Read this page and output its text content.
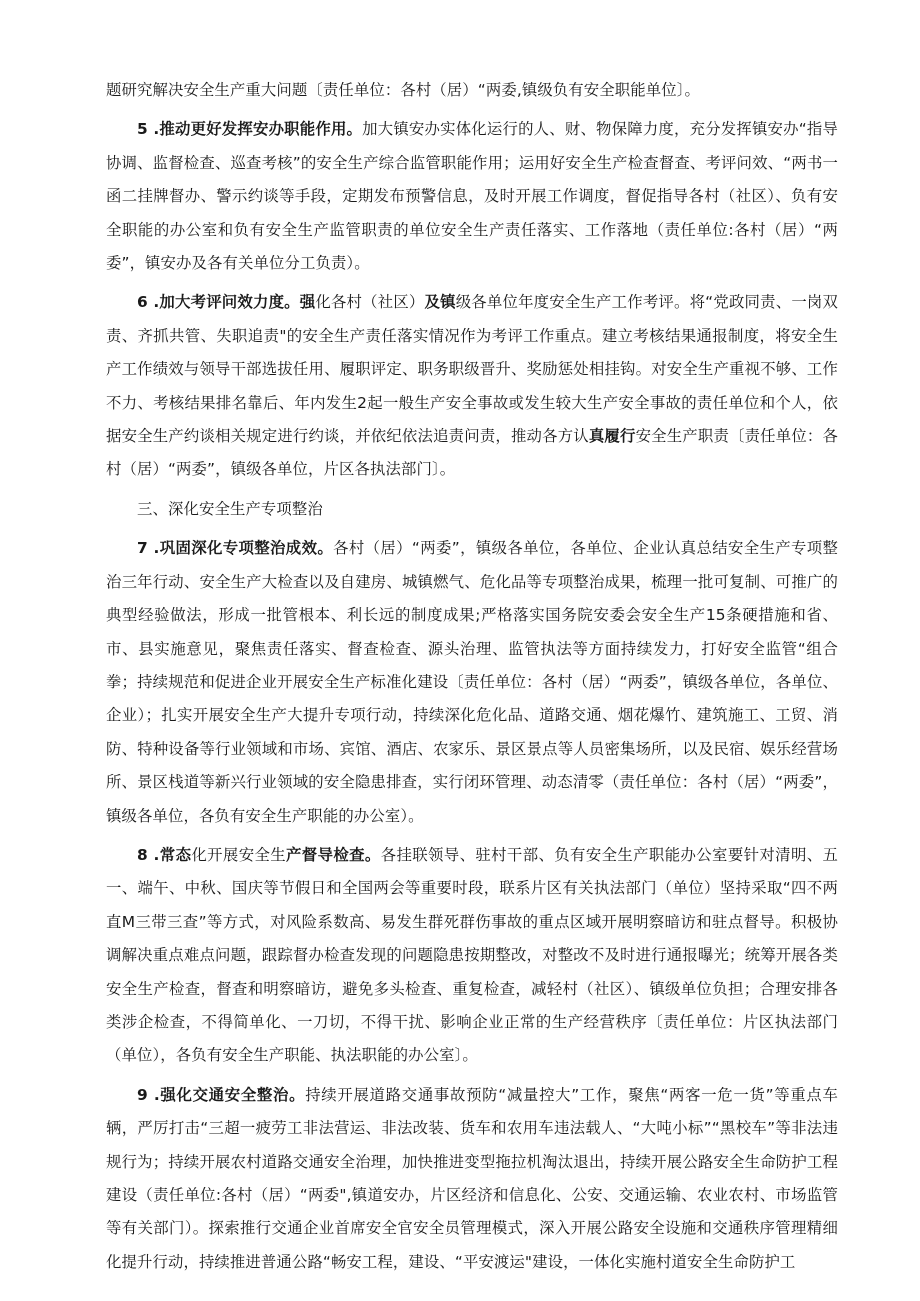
题研究解决安全生产重大问题〔责任单位：各村（居）“两委,镇级负有安全职能单位〕。

5 .推动更好发挥安办职能作用。加大镇安办实体化运行的人、财、物保障力度，充分发挥镇安办“指导协调、监督检查、巡查考核”的安全生产综合监管职能作用；运用好安全生产检查督查、考评问效、“两书一函二挂牌督办、警示约谈等手段，定期发布预警信息，及时开展工作调度，督促指导各村（社区）、负有安全职能的办公室和负有安全生产监管职责的单位安全生产责任落实、工作落地（责任单位:各村（居）“两委”，镇安办及各有关单位分工负责）。

6 .加大考评问效力度。强化各村（社区）及镇级各单位年度安全生产工作考评。将“党政同责、一岗双责、齐抓共管、失职追责"的安全生产责任落实情况作为考评工作重点。建立考核结果通报制度，将安全生产工作绩效与领导干部选拔任用、履职评定、职务职级晋升、奖励惩处相挂钩。对安全生产重视不够、工作不力、考核结果排名靠后、年内发生2起一般生产安全事故或发生较大生产安全事故的责任单位和个人，依据安全生产约谈相关规定进行约谈，并依纪依法追责问责，推动各方认真履行安全生产职责〔责任单位：各村（居）“两委”，镇级各单位，片区各执法部门〕。

三、深化安全生产专项整治

7 .巩固深化专项整治成效。各村（居）“两委”，镇级各单位，各单位、企业认真总结安全生产专项整治三年行动、安全生产大检查以及自建房、城镇燃气、危化品等专项整治成果，梳理一批可复制、可推广的典型经验做法，形成一批管根本、利长远的制度成果;严格落实国务院安委会安全生产15条硬措施和省、市、县实施意见，聚焦责任落实、督查检查、源头治理、监管执法等方面持续发力，打好安全监管“组合拳；持续规范和促进企业开展安全生产标准化建设〔责任单位：各村（居）“两委”，镇级各单位，各单位、企业）；扎实开展安全生产大提升专项行动，持续深化危化品、道路交通、烟花爆竹、建筑施工、工贸、消防、特种设备等行业领域和市场、宾馆、酒店、农家乐、景区景点等人员密集场所，以及民宿、娱乐经营场所、景区栈道等新兴行业领域的安全隐患排查，实行闭环管理、动态清零（责任单位：各村（居）“两委”，镇级各单位，各负有安全生产职能的办公室）。

8 .常态化开展安全生产督导检查。各挂联领导、驻村干部、负有安全生产职能办公室要针对清明、五一、端午、中秋、国庆等节假日和全国两会等重要时段，联系片区有关执法部门（单位）坚持采取“四不两直M三带三查”等方式，对风险系数高、易发生群死群伤事故的重点区域开展明察暗访和驻点督导。积极协调解决重点难点问题，跟踪督办检查发现的问题隐患按期整改，对整改不及时进行通报曝光；统筹开展各类安全生产检查，督查和明察暗访，避免多头检查、重复检查，减轻村（社区）、镇级单位负担；合理安排各类涉企检查，不得简单化、一刀切，不得干扰、影响企业正常的生产经营秩序〔责任单位：片区执法部门（单位），各负有安全生产职能、执法职能的办公室〕。

9 .强化交通安全整治。持续开展道路交通事故预防“减量控大”工作，聚焦“两客一危一货”等重点车辆，严厉打击“三超一疲劳工非法营运、非法改装、货车和农用车违法载人、“大吨小标”“黑校车”等非法违规行为；持续开展农村道路交通安全治理，加快推进变型拖拉机淘汰退出，持续开展公路安全生命防护工程建设（责任单位:各村（居）“两委",镇道安办，片区经济和信息化、公安、交通运输、农业农村、市场监管等有关部门）。探索推行交通企业首席安全官安全员管理模式，深入开展公路安全设施和交通秩序管理精细化提升行动，持续推进普通公路“畅安工程，建设、“平安渡运"建设，一体化实施村道安全生命防护工
